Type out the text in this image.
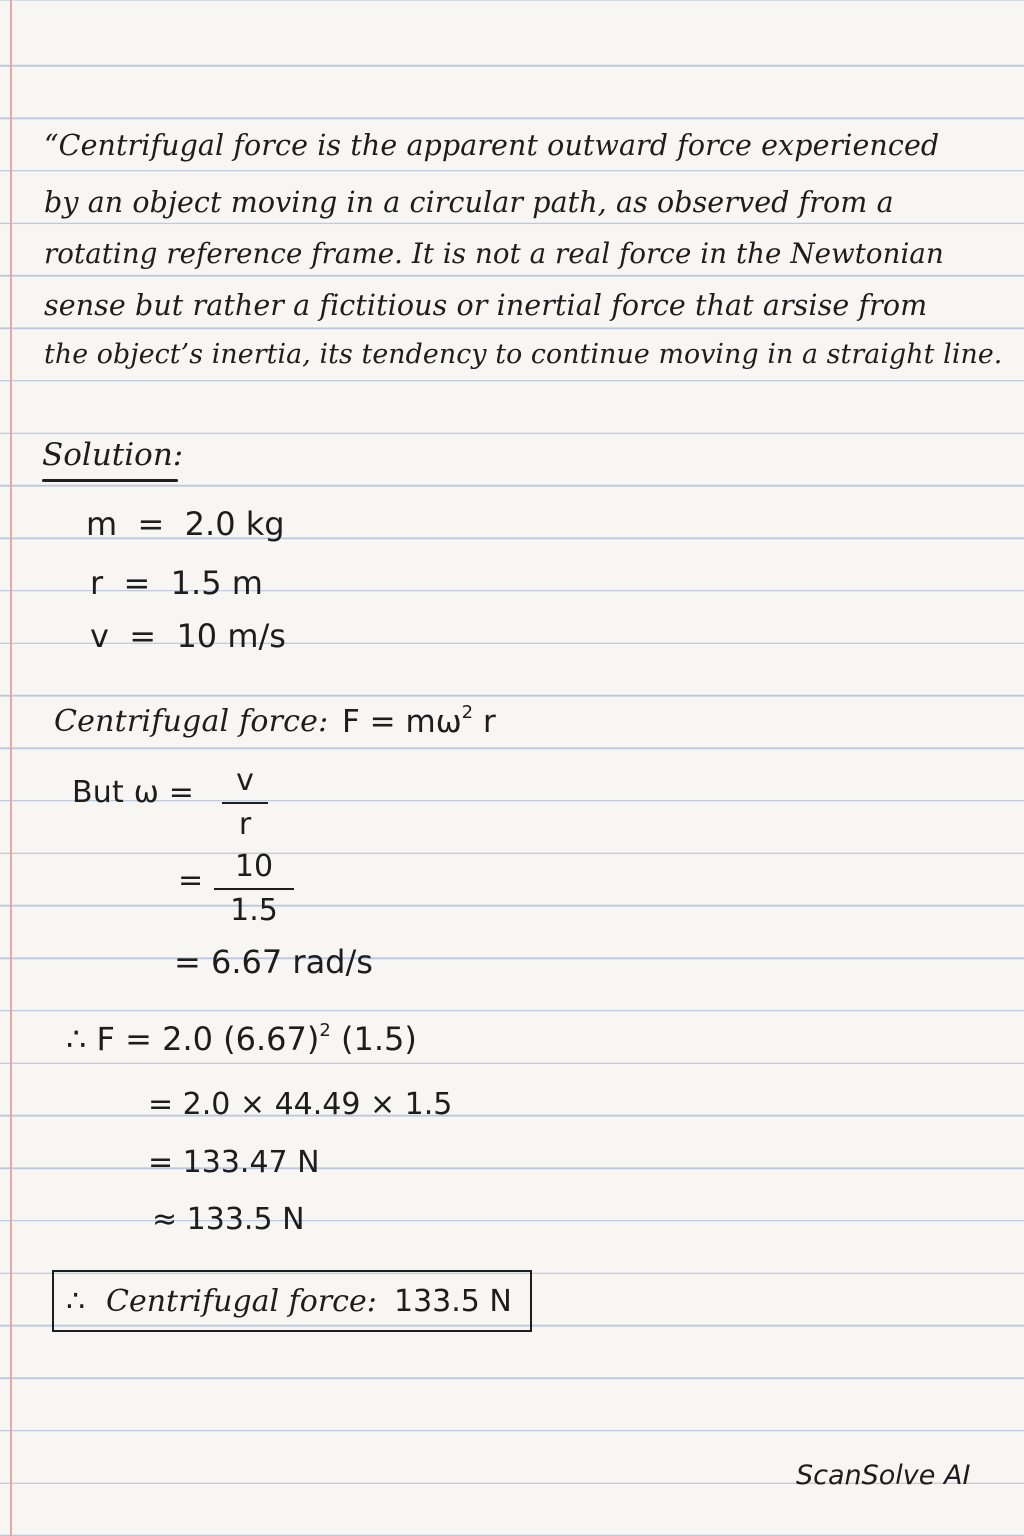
“Centrifugal force is the apparent outward force experienced
by an object moving in a circular path, as observed from a
rotating reference frame. It is not a real force in the Newtonian
sense but rather a fictitious or inertial force that arsise from
the object’s inertia, its tendency to continue moving in a straight line.
Solution:
m  =  2.0 kg
r  =  1.5 m
v  =  10 m/s
Centrifugal force: $F = m\omega^2$ r
But ω =	v
r
=	10
1.5
= 6.67 rad/s
∴ F = 2.0 $(6.67)^2$ (1.5)
= 2.0 × 44.49 × 1.5
= 133.47 N
≈ 133.5 N
∴ Centrifugal force: 133.5 N
ScanSolve AI
